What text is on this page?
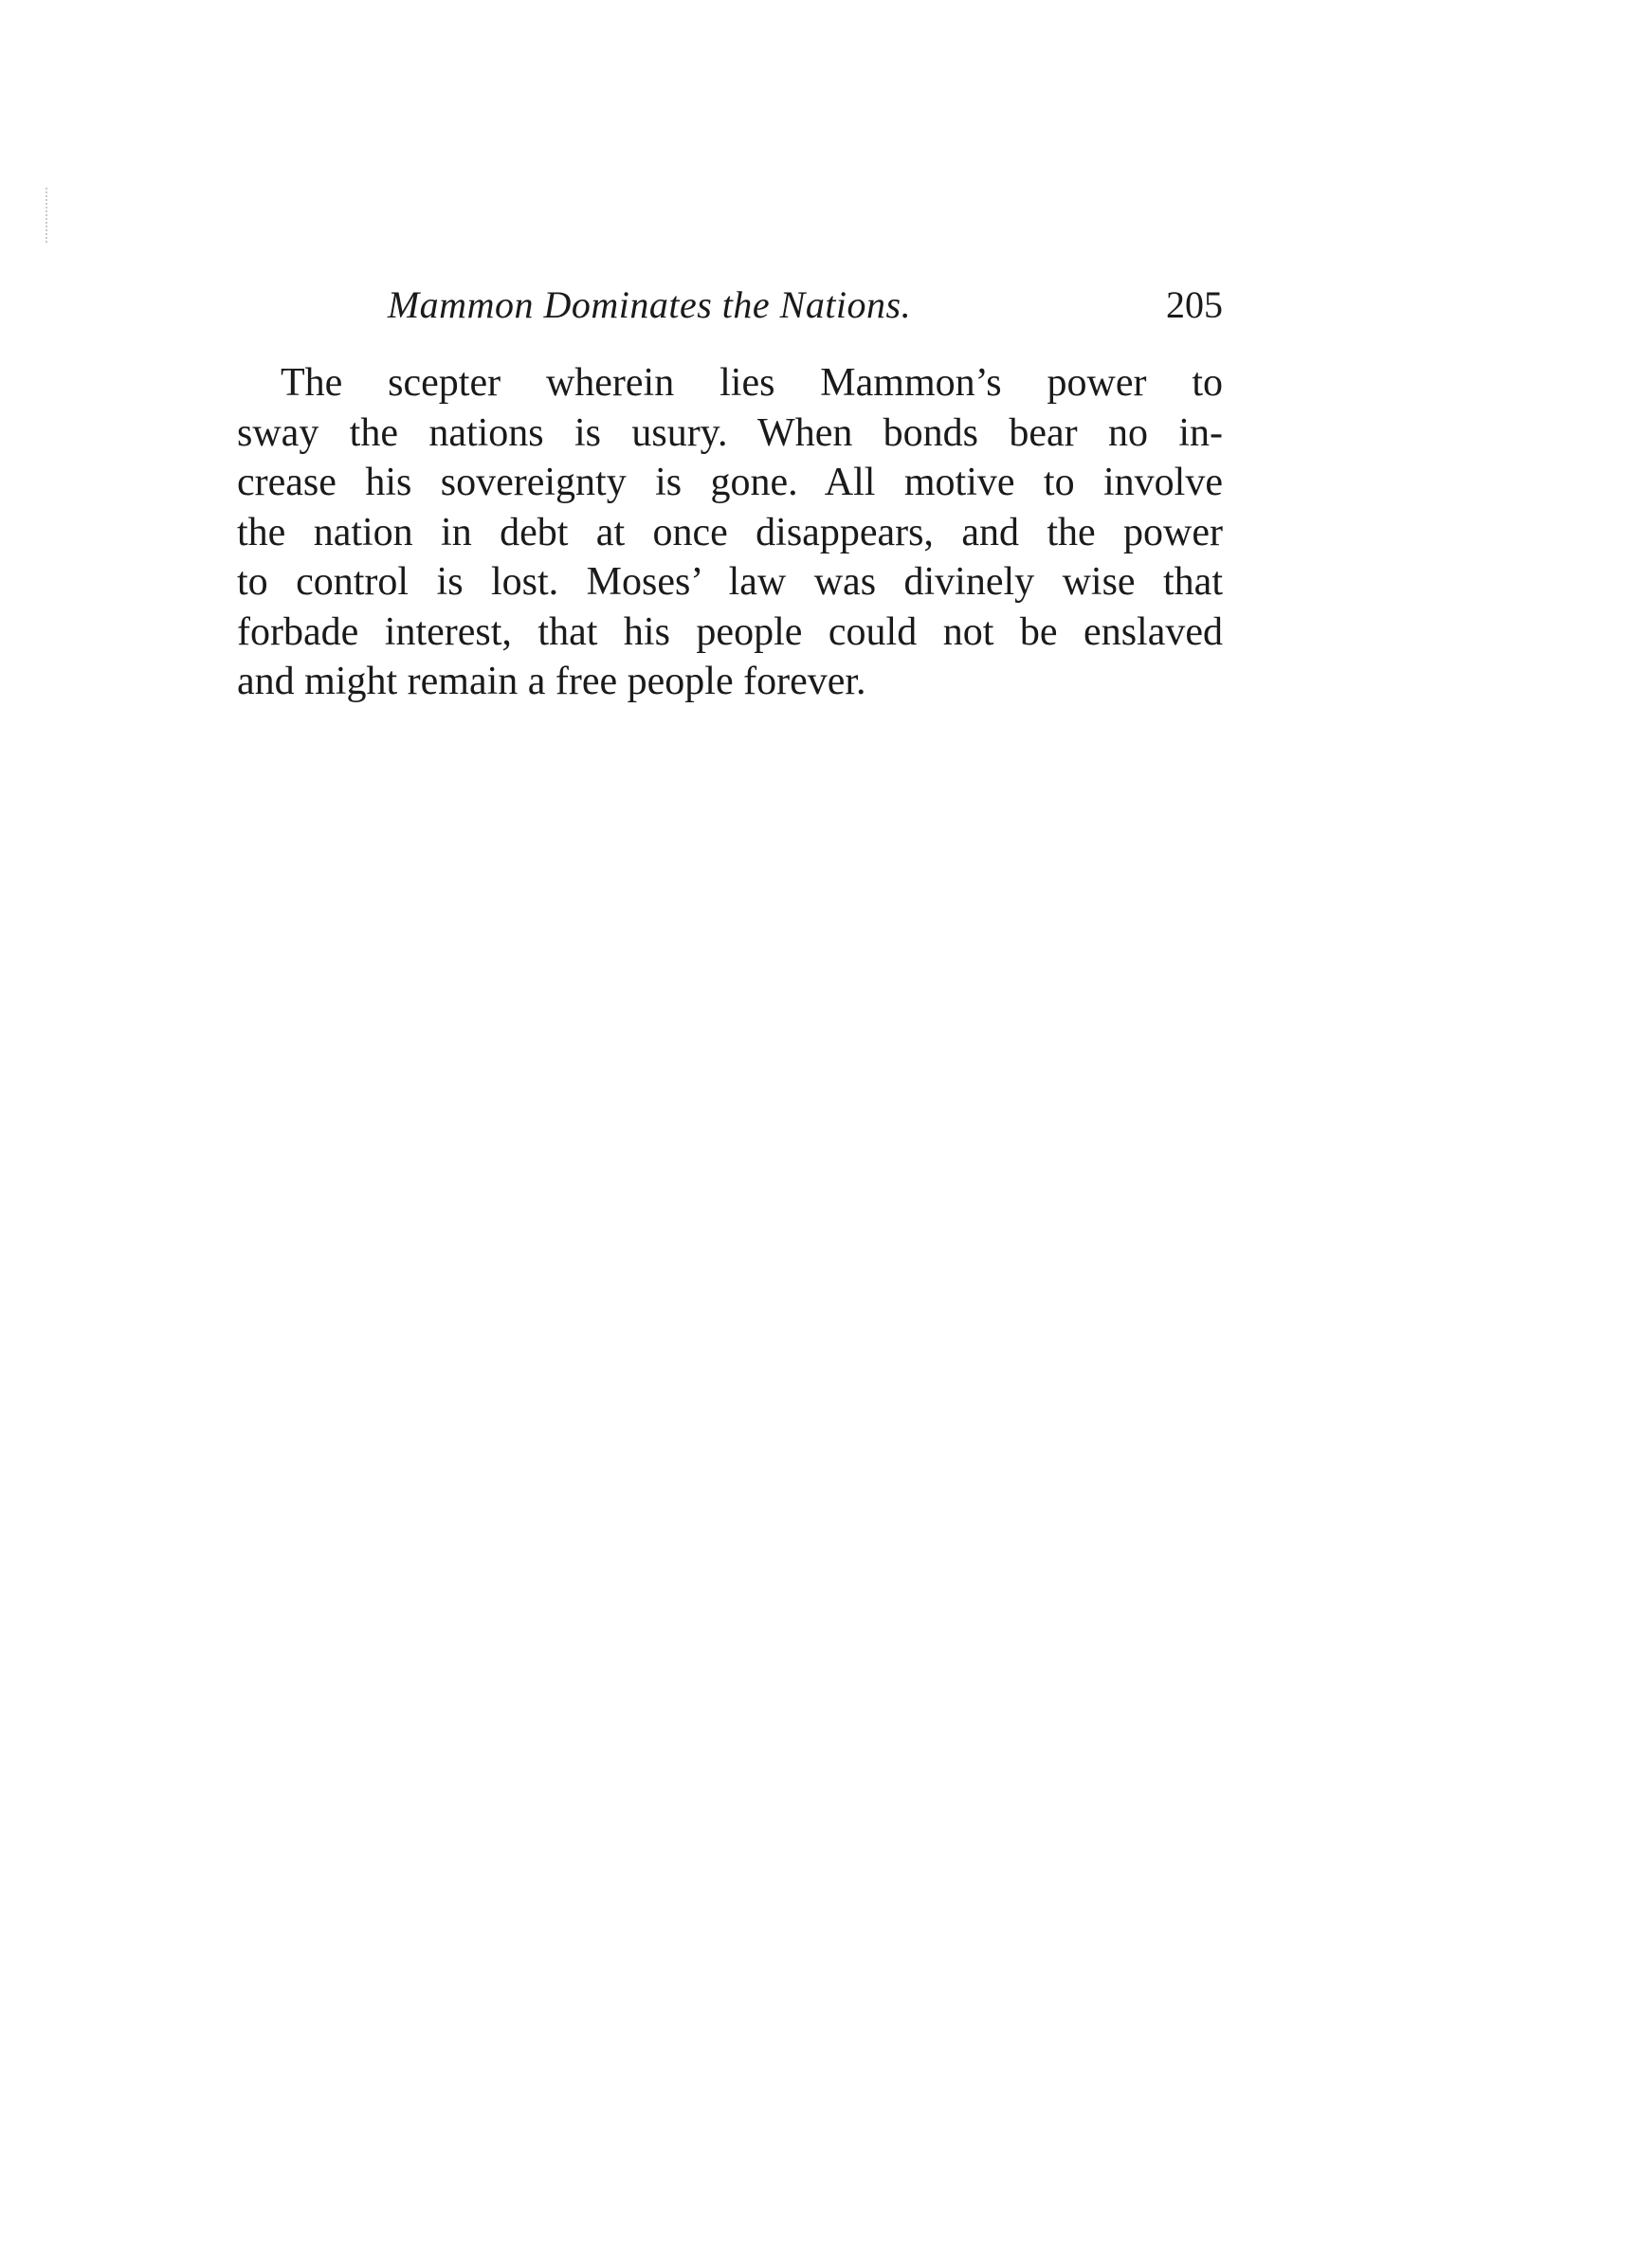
Mammon Dominates the Nations.	205
The scepter wherein lies Mammon’s power to
sway the nations is usury. When bonds bear no in-
crease his sovereignty is gone. All motive to involve
the nation in debt at once disappears, and the power
to control is lost. Moses’ law was divinely wise that
forbade interest, that his people could not be enslaved
and might remain a free people forever.
